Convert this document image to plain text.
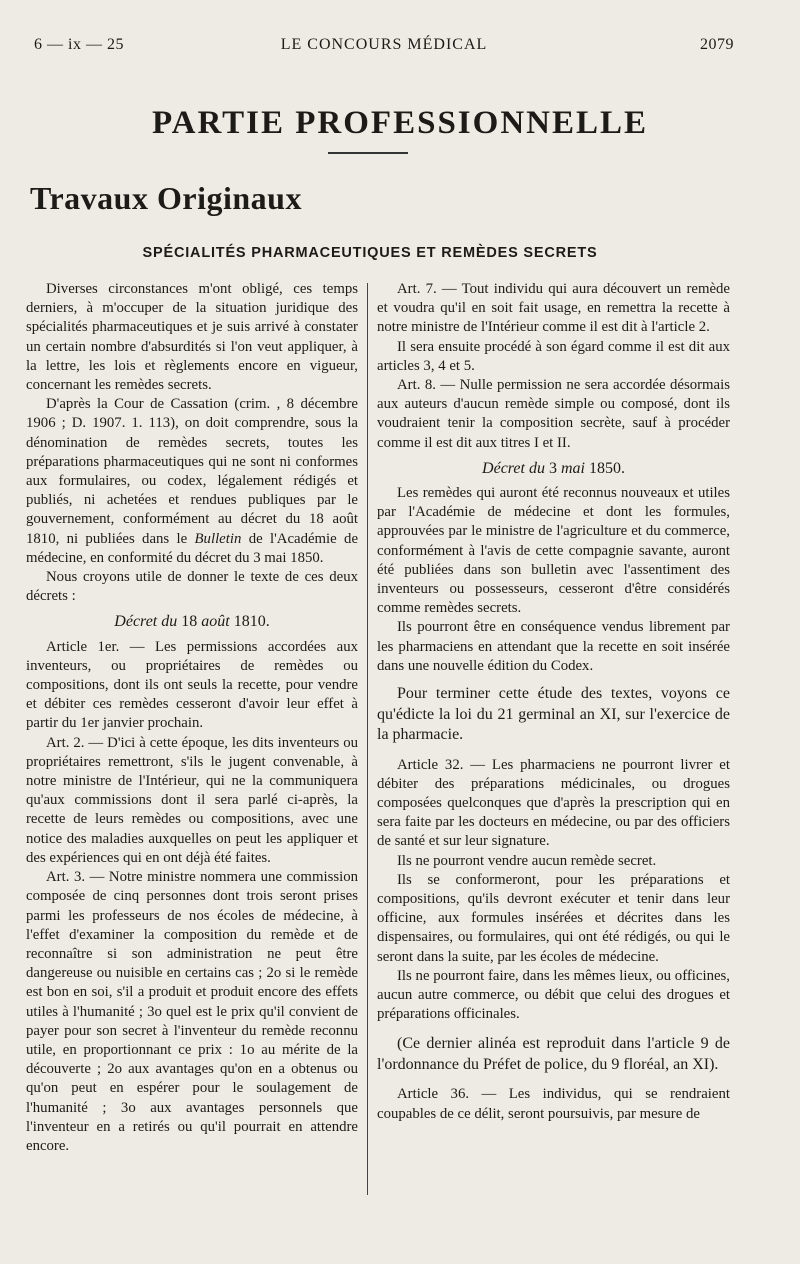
6 — ix — 25	LE CONCOURS MÉDICAL	2079
PARTIE PROFESSIONNELLE
Travaux Originaux
SPÉCIALITÉS PHARMACEUTIQUES ET REMÈDES SECRETS

Diverses circonstances m'ont obligé, ces temps derniers, à m'occuper de la situation juridique des spécialités pharmaceutiques et je suis arrivé à constater un certain nombre d'absurdités si l'on veut appliquer, à la lettre, les lois et règlements encore en vigueur, concernant les remèdes secrets.

D'après la Cour de Cassation (crim. , 8 décembre 1906 ; D. 1907. 1. 113), on doit comprendre, sous la dénomination de remèdes secrets, toutes les préparations pharmaceutiques qui ne sont ni conformes aux formulaires, ou codex, légalement rédigés et publiés, ni achetées et rendues publiques par le gouvernement, conformément au décret du 18 août 1810, ni publiées dans le Bulletin de l'Académie de médecine, en conformité du décret du 3 mai 1850.

Nous croyons utile de donner le texte de ces deux décrets :

Décret du 18 août 1810.

Article 1er. — Les permissions accordées aux inventeurs, ou propriétaires de remèdes ou compositions, dont ils ont seuls la recette, pour vendre et débiter ces remèdes cesseront d'avoir leur effet à partir du 1er janvier prochain.

Art. 2. — D'ici à cette époque, les dits inventeurs ou propriétaires remettront, s'ils le jugent convenable, à notre ministre de l'Intérieur, qui ne la communiquera qu'aux commissions dont il sera parlé ci-après, la recette de leurs remèdes ou compositions, avec une notice des maladies auxquelles on peut les appliquer et des expériences qui en ont déjà été faites.

Art. 3. — Notre ministre nommera une commission composée de cinq personnes dont trois seront prises parmi les professeurs de nos écoles de médecine, à l'effet d'examiner la composition du remède et de reconnaître si son administration ne peut être dangereuse ou nuisible en certains cas ; 2o si le remède est bon en soi, s'il a produit et produit encore des effets utiles à l'humanité ; 3o quel est le prix qu'il convient de payer pour son secret à l'inventeur du remède reconnu utile, en proportionnant ce prix : 1o au mérite de la découverte ; 2o aux avantages qu'on en a obtenus ou qu'on peut en espérer pour le soulagement de l'humanité ; 3o aux avantages personnels que l'inventeur en a retirés ou qu'il pourrait en attendre encore.

Art. 7. — Tout individu qui aura découvert un remède et voudra qu'il en soit fait usage, en remettra la recette à notre ministre de l'Intérieur comme il est dit à l'article 2.

Il sera ensuite procédé à son égard comme il est dit aux articles 3, 4 et 5.

Art. 8. — Nulle permission ne sera accordée désormais aux auteurs d'aucun remède simple ou composé, dont ils voudraient tenir la composition secrète, sauf à procéder comme il est dit aux titres I et II.

Décret du 3 mai 1850.

Les remèdes qui auront été reconnus nouveaux et utiles par l'Académie de médecine et dont les formules, approuvées par le ministre de l'agriculture et du commerce, conformément à l'avis de cette compagnie savante, auront été publiées dans son bulletin avec l'assentiment des inventeurs ou possesseurs, cesseront d'être considérés comme remèdes secrets.

Ils pourront être en conséquence vendus librement par les pharmaciens en attendant que la recette en soit insérée dans une nouvelle édition du Codex.

Pour terminer cette étude des textes, voyons ce qu'édicte la loi du 21 germinal an XI, sur l'exercice de la pharmacie.

Article 32. — Les pharmaciens ne pourront livrer et débiter des préparations médicinales, ou drogues composées quelconques que d'après la prescription qui en sera faite par les docteurs en médecine, ou par des officiers de santé et sur leur signature.

Ils ne pourront vendre aucun remède secret.

Ils se conformeront, pour les préparations et compositions, qu'ils devront exécuter et tenir dans leur officine, aux formules insérées et décrites dans les dispensaires, ou formulaires, qui ont été rédigés, ou qui le seront dans la suite, par les écoles de médecine.

Ils ne pourront faire, dans les mêmes lieux, ou officines, aucun autre commerce, ou débit que celui des drogues et préparations officinales.

(Ce dernier alinéa est reproduit dans l'article 9 de l'ordonnance du Préfet de police, du 9 floréal, an XI).

Article 36. — Les individus, qui se rendraient coupables de ce délit, seront poursuivis, par mesure de
